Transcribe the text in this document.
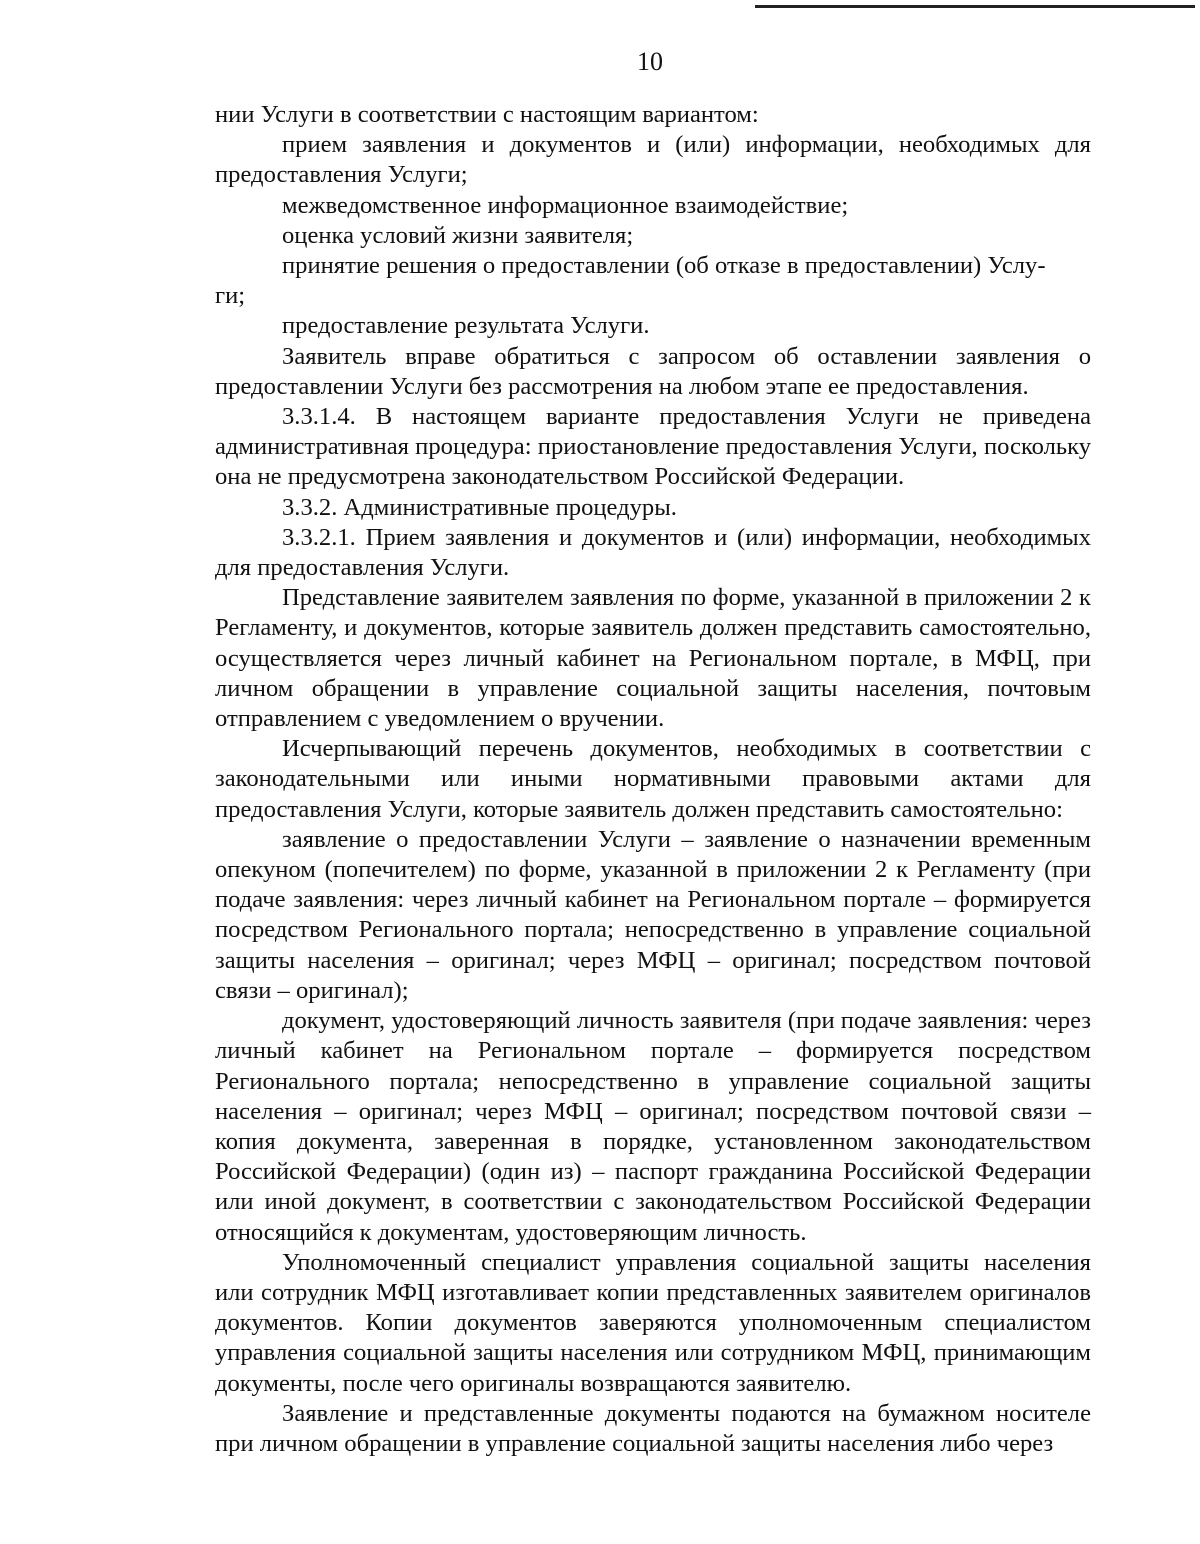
10

нии Услуги в соответствии с настоящим вариантом:

прием заявления и документов и (или) информации, необходимых для предоставления Услуги;

межведомственное информационное взаимодействие;

оценка условий жизни заявителя;

принятие решения о предоставлении (об отказе в предоставлении) Услу-
ги;

предоставление результата Услуги.

Заявитель вправе обратиться с запросом об оставлении заявления о предоставлении Услуги без рассмотрения на любом этапе ее предоставления.

3.3.1.4. В настоящем варианте предоставления Услуги не приведена административная процедура: приостановление предоставления Услуги, поскольку она не предусмотрена законодательством Российской Федерации.

3.3.2. Административные процедуры.

3.3.2.1. Прием заявления и документов и (или) информации, необходимых для предоставления Услуги.

Представление заявителем заявления по форме, указанной в приложении 2 к Регламенту, и документов, которые заявитель должен представить самостоятельно, осуществляется через личный кабинет на Региональном портале, в МФЦ, при личном обращении в управление социальной защиты населения, почтовым отправлением с уведомлением о вручении.

Исчерпывающий перечень документов, необходимых в соответствии с законодательными или иными нормативными правовыми актами для предоставления Услуги, которые заявитель должен представить самостоятельно:

заявление о предоставлении Услуги – заявление о назначении временным опекуном (попечителем) по форме, указанной в приложении 2 к Регламенту (при подаче заявления: через личный кабинет на Региональном портале – формируется посредством Регионального портала; непосредственно в управление социальной защиты населения – оригинал; через МФЦ – оригинал; посредством почтовой связи – оригинал);

документ, удостоверяющий личность заявителя (при подаче заявления: через личный кабинет на Региональном портале – формируется посредством Регионального портала; непосредственно в управление социальной защиты населения – оригинал; через МФЦ – оригинал; посредством почтовой связи – копия документа, заверенная в порядке, установленном законодательством Российской Федерации) (один из) – паспорт гражданина Российской Федерации или иной документ, в соответствии с законодательством Российской Федерации относящийся к документам, удостоверяющим личность.

Уполномоченный специалист управления социальной защиты населения или сотрудник МФЦ изготавливает копии представленных заявителем оригиналов документов. Копии документов заверяются уполномоченным специалистом управления социальной защиты населения или сотрудником МФЦ, принимающим документы, после чего оригиналы возвращаются заявителю.

Заявление и представленные документы подаются на бумажном носителе при личном обращении в управление социальной защиты населения либо через
